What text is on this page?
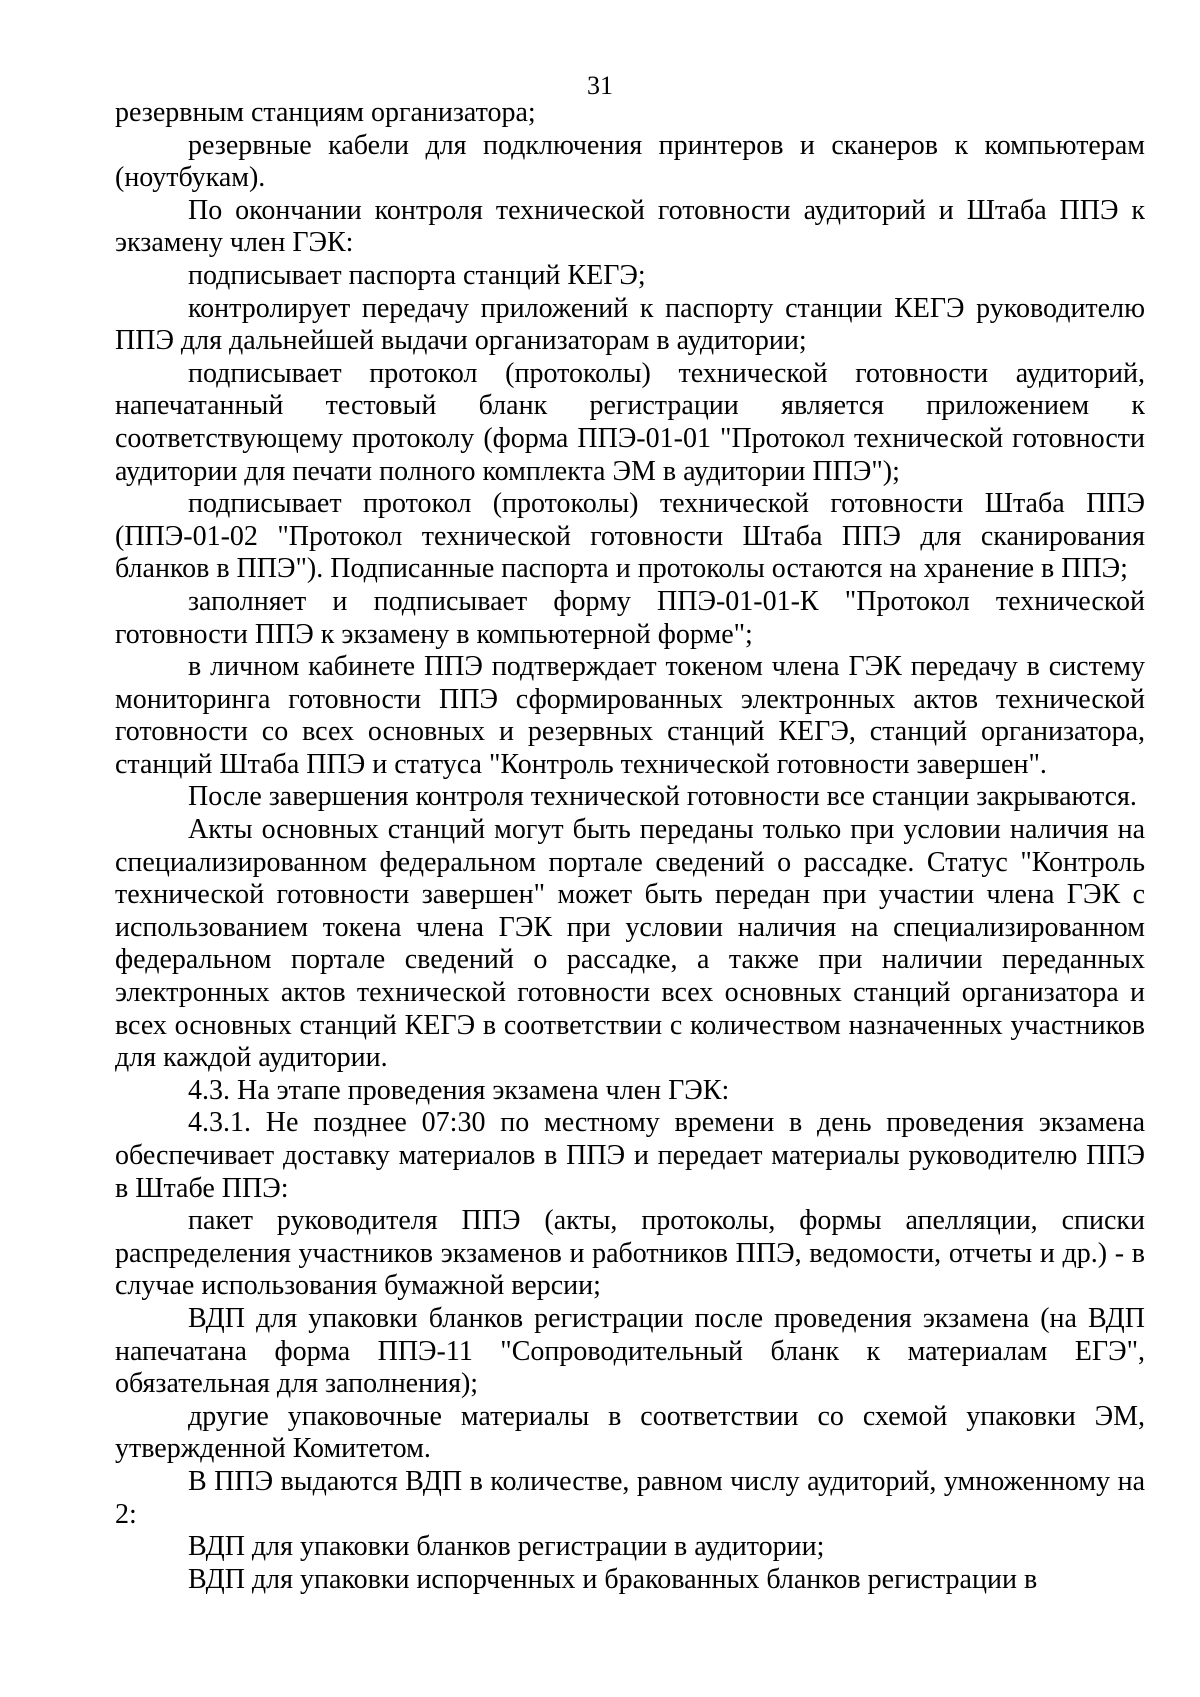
31

резервным станциям организатора;

резервные кабели для подключения принтеров и сканеров к компьютерам (ноутбукам).

По окончании контроля технической готовности аудиторий и Штаба ППЭ к экзамену член ГЭК:

подписывает паспорта станций КЕГЭ;

контролирует передачу приложений к паспорту станции КЕГЭ руководителю ППЭ для дальнейшей выдачи организаторам в аудитории;

подписывает протокол (протоколы) технической готовности аудиторий, напечатанный тестовый бланк регистрации является приложением к соответствующему протоколу (форма ППЭ-01-01 "Протокол технической готовности аудитории для печати полного комплекта ЭМ в аудитории ППЭ");

подписывает протокол (протоколы) технической готовности Штаба ППЭ (ППЭ-01-02 "Протокол технической готовности Штаба ППЭ для сканирования бланков в ППЭ"). Подписанные паспорта и протоколы остаются на хранение в ППЭ;

заполняет и подписывает форму ППЭ-01-01-К "Протокол технической готовности ППЭ к экзамену в компьютерной форме";

в личном кабинете ППЭ подтверждает токеном члена ГЭК передачу в систему мониторинга готовности ППЭ сформированных электронных актов технической готовности со всех основных и резервных станций КЕГЭ, станций организатора, станций Штаба ППЭ и статуса "Контроль технической готовности завершен".

После завершения контроля технической готовности все станции закрываются.

Акты основных станций могут быть переданы только при условии наличия на специализированном федеральном портале сведений о рассадке. Статус "Контроль технической готовности завершен" может быть передан при участии члена ГЭК с использованием токена члена ГЭК при условии наличия на специализированном федеральном портале сведений о рассадке, а также при наличии переданных электронных актов технической готовности всех основных станций организатора и всех основных станций КЕГЭ в соответствии с количеством назначенных участников для каждой аудитории.

4.3. На этапе проведения экзамена член ГЭК:

4.3.1. Не позднее 07:30 по местному времени в день проведения экзамена обеспечивает доставку материалов в ППЭ и передает материалы руководителю ППЭ в Штабе ППЭ:

пакет руководителя ППЭ (акты, протоколы, формы апелляции, списки распределения участников экзаменов и работников ППЭ, ведомости, отчеты и др.) - в случае использования бумажной версии;

ВДП для упаковки бланков регистрации после проведения экзамена (на ВДП напечатана форма ППЭ-11 "Сопроводительный бланк к материалам ЕГЭ", обязательная для заполнения);

другие упаковочные материалы в соответствии со схемой упаковки ЭМ, утвержденной Комитетом.

В ППЭ выдаются ВДП в количестве, равном числу аудиторий, умноженному на 2:

ВДП для упаковки бланков регистрации в аудитории;

ВДП для упаковки испорченных и бракованных бланков регистрации в
